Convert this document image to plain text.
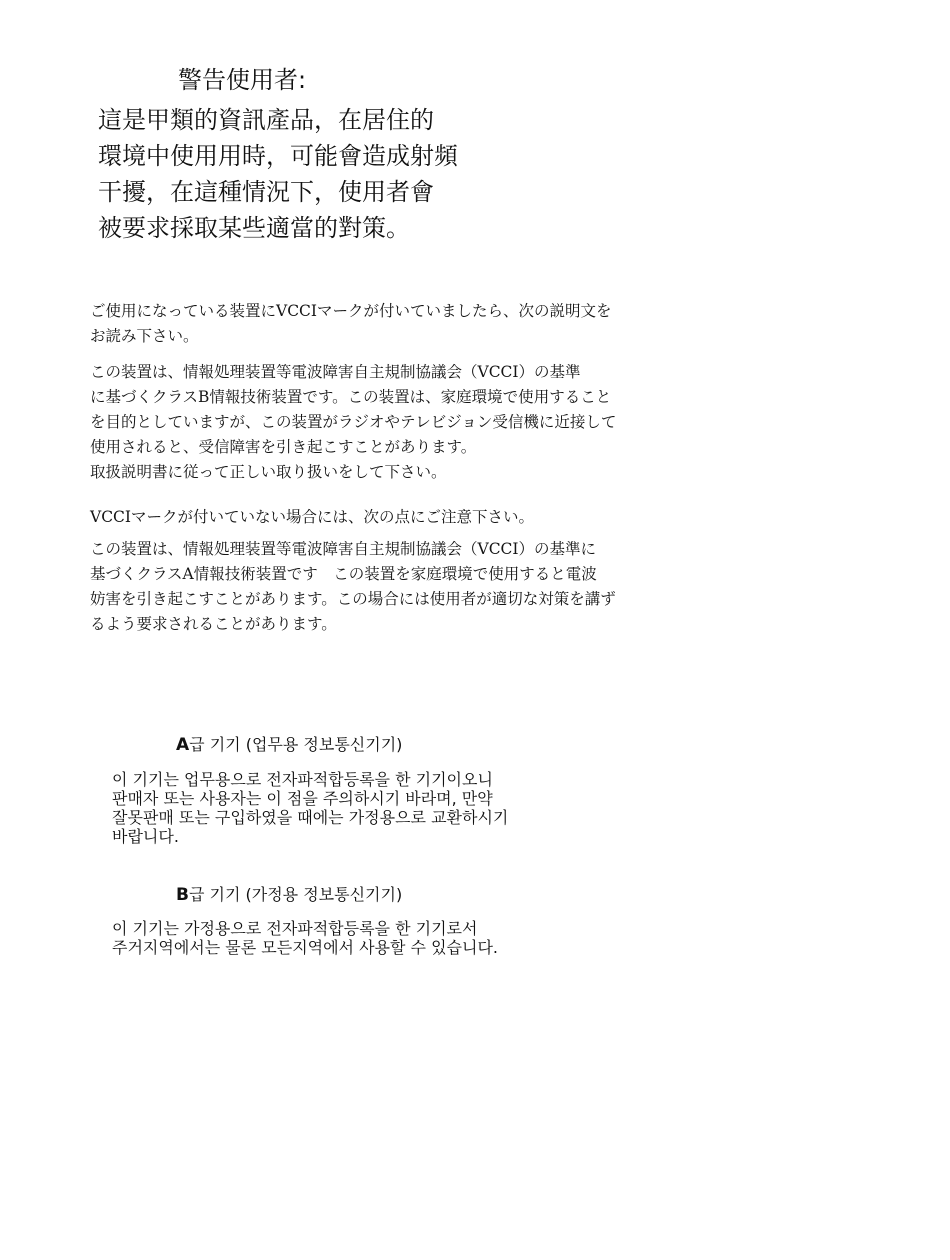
警告使用者:
這是甲類的資訊產品，在居住的
環境中使用用時，可能會造成射頻
干擾，在這種情況下，使用者會
被要求採取某些適當的對策。
ご使用になっている装置にVCCIマークが付いていましたら、次の説明文を
お読み下さい。
この装置は、情報処理装置等電波障害自主規制協議会（VCCI）の基準
に基づくクラスB情報技術装置です。この装置は、家庭環境で使用すること
を目的としていますが、この装置がラジオやテレビジョン受信機に近接して
使用されると、受信障害を引き起こすことがあります。
取扱説明書に従って正しい取り扱いをして下さい。
VCCIマークが付いていない場合には、次の点にご注意下さい。
この装置は、情報処理装置等電波障害自主規制協議会（VCCI）の基準に
基づくクラスA情報技術装置です　この装置を家庭環境で使用すると電波
妨害を引き起こすことがあります。この場合には使用者が適切な対策を講ず
るよう要求されることがあります。
A급 기기 (업무용 정보통신기기)
이 기기는 업무용으로 전자파적합등록을 한 기기이오니
판매자 또는 사용자는 이 점을 주의하시기 바라며, 만약
잘못판매 또는 구입하였을 때에는 가정용으로 교환하시기
바랍니다.
B급 기기 (가정용 정보통신기기)
이 기기는 가정용으로 전자파적합등록을 한 기기로서
주거지역에서는 물론 모든지역에서 사용할 수 있습니다.
